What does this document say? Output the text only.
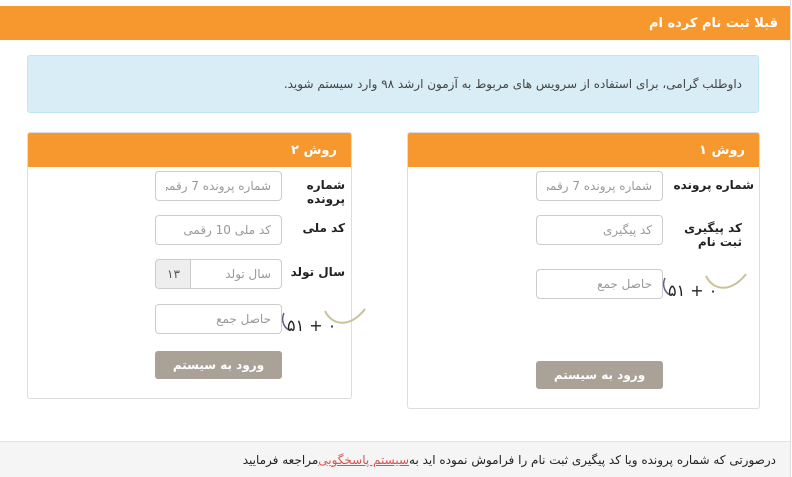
قبلا ثبت نام کرده ام
داوطلب گرامی، برای استفاده از سرویس های مربوط به آزمون ارشد ۹۸ وارد سیستم شوید.
روش ۱
شماره پرونده
شماره پرونده 7 رقمی
کد پیگیری
ثبت نام
کد پیگیری
حاصل جمع
۵۱ + ۰
ورود به سیستم
روش ۲
شماره پرونده
شماره پرونده 7 رقمی
کد ملی
کد ملی 10 رقمی
سال تولد
۱۳
سال تولد
حاصل جمع
۵۱ + ۰
ورود به سیستم
درصورتی که شماره پرونده ویا کد پیگیری ثبت نام را فراموش نموده اید به
سیستم پاسخگویی
مراجعه فرمایید
